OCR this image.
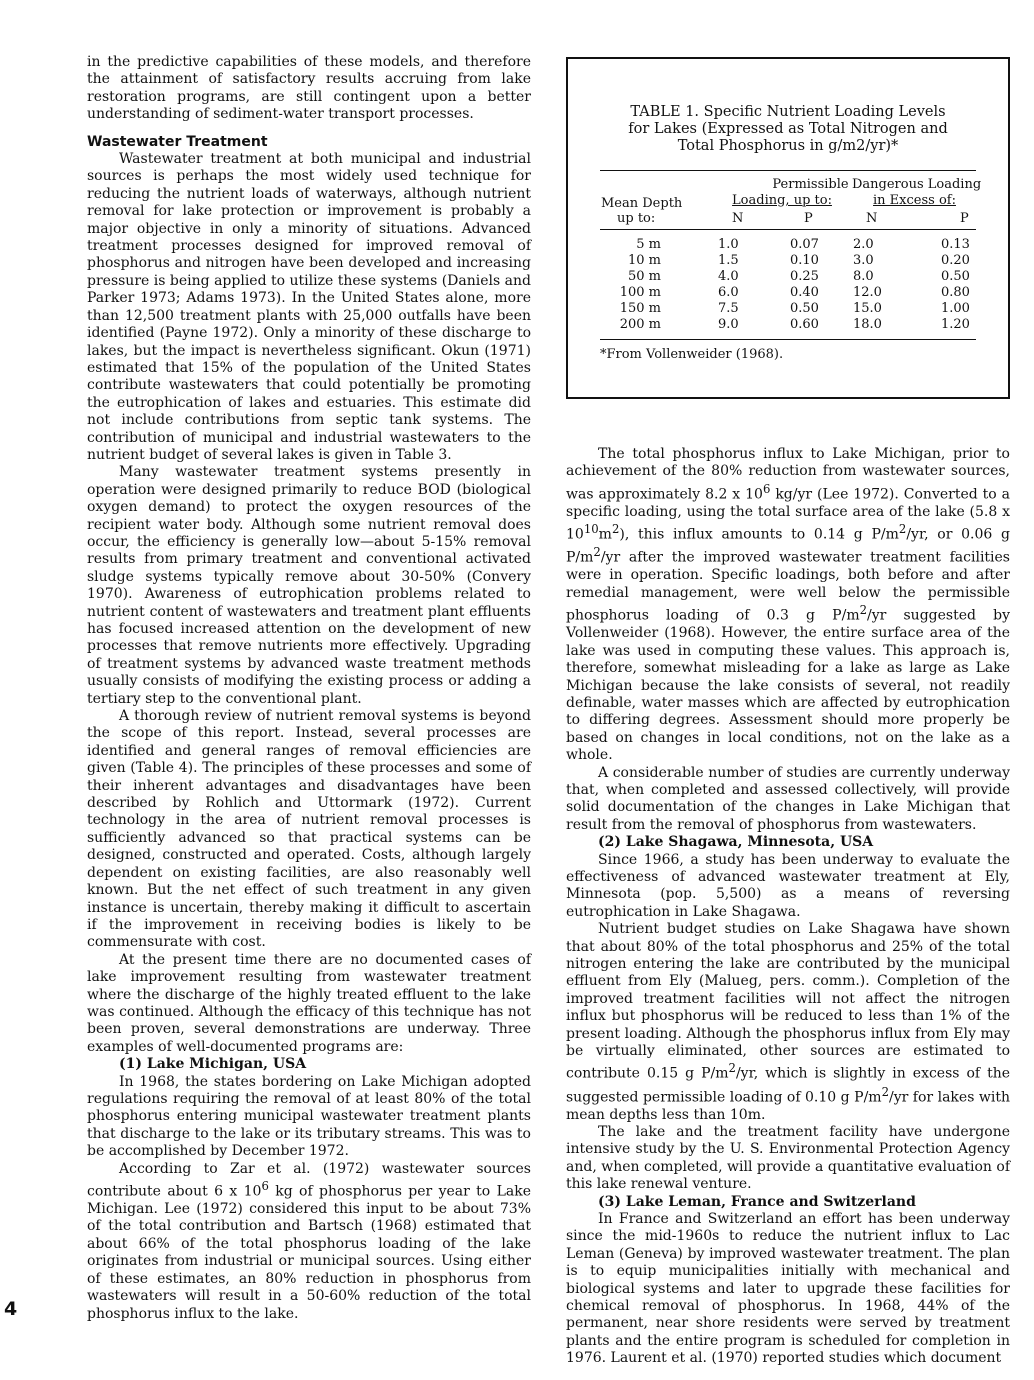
in the predictive capabilities of these models, and therefore the attainment of satisfactory results accruing from lake restoration programs, are still contingent upon a better understanding of sediment-water transport processes.

Wastewater Treatment

Wastewater treatment at both municipal and industrial sources is perhaps the most widely used technique for reducing the nutrient loads of waterways, although nutrient removal for lake protection or improvement is probably a major objective in only a minority of situations. Advanced treatment processes designed for improved removal of phosphorus and nitrogen have been developed and increasing pressure is being applied to utilize these systems (Daniels and Parker 1973; Adams 1973). In the United States alone, more than 12,500 treatment plants with 25,000 outfalls have been identified (Payne 1972). Only a minority of these discharge to lakes, but the impact is nevertheless significant. Okun (1971) estimated that 15% of the population of the United States contribute wastewaters that could potentially be promoting the eutrophication of lakes and estuaries. This estimate did not include contributions from septic tank systems. The contribution of municipal and industrial wastewaters to the nutrient budget of several lakes is given in Table 3.

Many wastewater treatment systems presently in operation were designed primarily to reduce BOD (biological oxygen demand) to protect the oxygen resources of the recipient water body. Although some nutrient removal does occur, the efficiency is generally low—about 5-15% removal results from primary treatment and conventional activated sludge systems typically remove about 30-50% (Convery 1970). Awareness of eutrophication problems related to nutrient content of wastewaters and treatment plant effluents has focused increased attention on the development of new processes that remove nutrients more effectively. Upgrading of treatment systems by advanced waste treatment methods usually consists of modifying the existing process or adding a tertiary step to the conventional plant.

A thorough review of nutrient removal systems is beyond the scope of this report. Instead, several processes are identified and general ranges of removal efficiencies are given (Table 4). The principles of these processes and some of their inherent advantages and disadvantages have been described by Rohlich and Uttormark (1972). Current technology in the area of nutrient removal processes is sufficiently advanced so that practical systems can be designed, constructed and operated. Costs, although largely dependent on existing facilities, are also reasonably well known. But the net effect of such treatment in any given instance is uncertain, thereby making it difficult to ascertain if the improvement in receiving bodies is likely to be commensurate with cost.

At the present time there are no documented cases of lake improvement resulting from wastewater treatment where the discharge of the highly treated effluent to the lake was continued. Although the efficacy of this technique has not been proven, several demonstrations are underway. Three examples of well-documented programs are:

(1) Lake Michigan, USA

In 1968, the states bordering on Lake Michigan adopted regulations requiring the removal of at least 80% of the total phosphorus entering municipal wastewater treatment plants that discharge to the lake or its tributary streams. This was to be accomplished by December 1972.

According to Zar et al. (1972) wastewater sources contribute about 6 x $10^6$ kg of phosphorus per year to Lake Michigan. Lee (1972) considered this input to be about 73% of the total contribution and Bartsch (1968) estimated that about 66% of the total phosphorus loading of the lake originates from industrial or municipal sources. Using either of these estimates, an 80% reduction in phosphorus from wastewaters will result in a 50-60% reduction of the total phosphorus influx to the lake.

4
TABLE 1. Specific Nutrient Loading Levels
for Lakes (Expressed as Total Nitrogen and
Total Phosphorus in g/m2/yr)*
Permissible
Loading, up to:
Dangerous Loading
in Excess of:
Mean Depth
up to:	N	P	N	P
5 m	1.0	0.07	2.0	0.13
10 m	1.5	0.10	3.0	0.20
50 m	4.0	0.25	8.0	0.50
100 m	6.0	0.40	12.0	0.80
150 m	7.5	0.50	15.0	1.00
200 m	9.0	0.60	18.0	1.20
*From Vollenweider (1968).

The total phosphorus influx to Lake Michigan, prior to achievement of the 80% reduction from wastewater sources, was approximately 8.2 x $10^6$ kg/yr (Lee 1972). Converted to a specific loading, using the total surface area of the lake (5.8 x $10^{10}m^2$), this influx amounts to 0.14 g $P/m^2/yr$, or 0.06 g $P/m^2/yr$ after the improved wastewater treatment facilities were in operation. Specific loadings, both before and after remedial management, were well below the permissible phosphorus loading of 0.3 g $P/m^2/yr$ suggested by Vollenweider (1968). However, the entire surface area of the lake was used in computing these values. This approach is, therefore, somewhat misleading for a lake as large as Lake Michigan because the lake consists of several, not readily definable, water masses which are affected by eutrophication to differing degrees. Assessment should more properly be based on changes in local conditions, not on the lake as a whole.

A considerable number of studies are currently underway that, when completed and assessed collectively, will provide solid documentation of the changes in Lake Michigan that result from the removal of phosphorus from wastewaters.

(2) Lake Shagawa, Minnesota, USA

Since 1966, a study has been underway to evaluate the effectiveness of advanced wastewater treatment at Ely, Minnesota (pop. 5,500) as a means of reversing eutrophication in Lake Shagawa.

Nutrient budget studies on Lake Shagawa have shown that about 80% of the total phosphorus and 25% of the total nitrogen entering the lake are contributed by the municipal effluent from Ely (Malueg, pers. comm.). Completion of the improved treatment facilities will not affect the nitrogen influx but phosphorus will be reduced to less than 1% of the present loading. Although the phosphorus influx from Ely may be virtually eliminated, other sources are estimated to contribute 0.15 g $P/m^2/yr$, which is slightly in excess of the suggested permissible loading of 0.10 g $P/m^2/yr$ for lakes with mean depths less than 10m.

The lake and the treatment facility have undergone intensive study by the U. S. Environmental Protection Agency and, when completed, will provide a quantitative evaluation of this lake renewal venture.

(3) Lake Leman, France and Switzerland

In France and Switzerland an effort has been underway since the mid-1960s to reduce the nutrient influx to Lac Leman (Geneva) by improved wastewater treatment. The plan is to equip municipalities initially with mechanical and biological systems and later to upgrade these facilities for chemical removal of phosphorus. In 1968, 44% of the permanent, near shore residents were served by treatment plants and the entire program is scheduled for completion in 1976. Laurent et al. (1970) reported studies which document
